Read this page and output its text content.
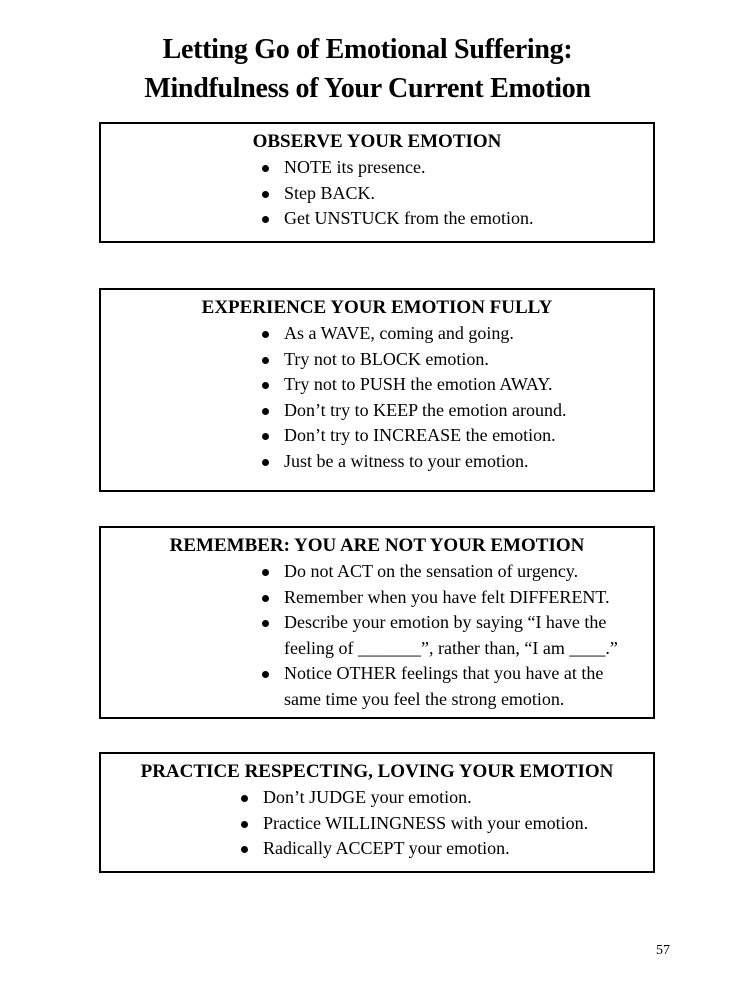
Letting Go of Emotional Suffering:
Mindfulness of Your Current Emotion
OBSERVE YOUR EMOTION
NOTE its presence.
Step BACK.
Get UNSTUCK from the emotion.
EXPERIENCE YOUR EMOTION FULLY
As a WAVE, coming and going.
Try not to BLOCK emotion.
Try not to PUSH the emotion AWAY.
Don’t try to KEEP the emotion around.
Don’t try to INCREASE the emotion.
Just be a witness to your emotion.
REMEMBER: YOU ARE NOT YOUR EMOTION
Do not ACT on the sensation of urgency.
Remember when you have felt DIFFERENT.
Describe your emotion by saying “I have the
feeling of _______”, rather than, “I am ____.”
Notice OTHER feelings that you have at the
same time you feel the strong emotion.
PRACTICE RESPECTING, LOVING YOUR EMOTION
Don’t JUDGE your emotion.
Practice WILLINGNESS with your emotion.
Radically ACCEPT your emotion.
57
